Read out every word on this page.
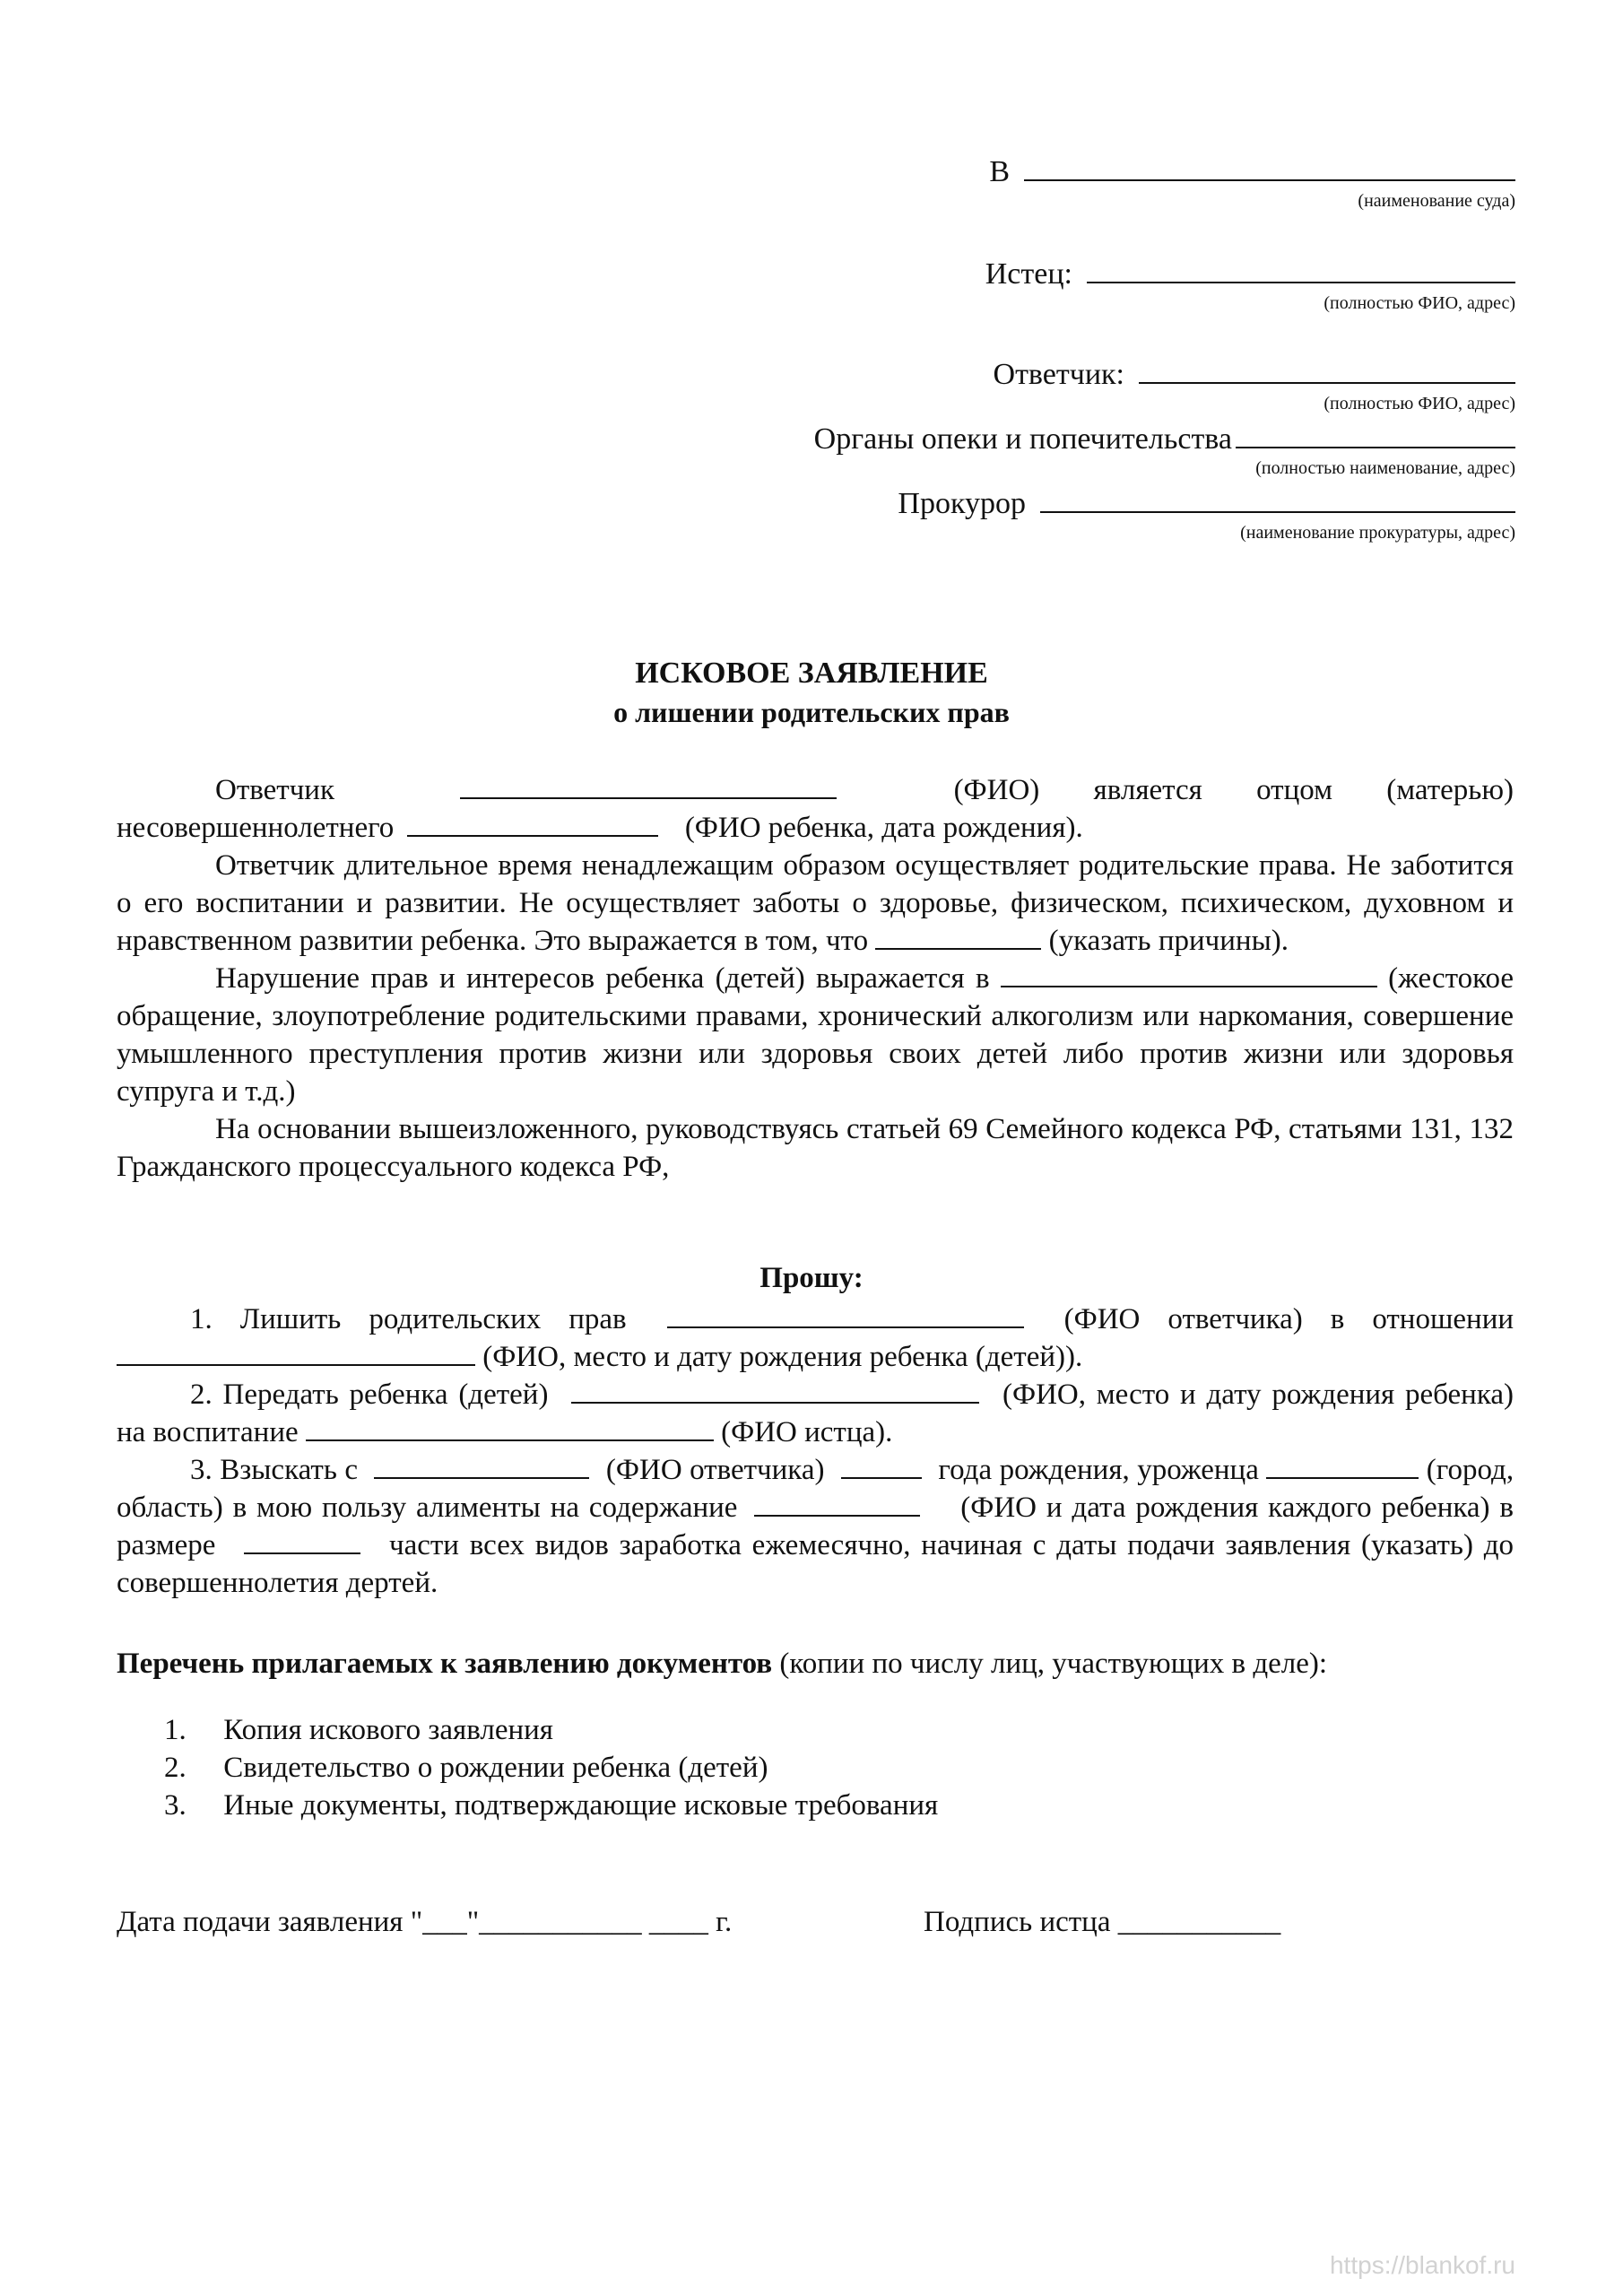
В
(наименование суда)
Истец:
(полностью ФИО, адрес)
Ответчик:
(полностью ФИО, адрес)
Органы опеки и попечительства
(полностью наименование, адрес)
Прокурор
(наименование прокуратуры, адрес)
ИСКОВОЕ ЗАЯВЛЕНИЕ
о лишении родительских прав

Ответчик	(ФИО) является отцом (матерью) несовершеннолетнего	(ФИО ребенка, дата рождения).

Ответчик длительное время ненадлежащим образом осуществляет родительские права. Не заботится о его воспитании и развитии. Не осуществляет заботы о здоровье, физическом, психическом, духовном и нравственном развитии ребенка. Это выражается в том, что	(указать причины).

Нарушение прав и интересов ребенка (детей) выражается в	(жестокое обращение, злоупотребление родительскими правами, хронический алкоголизм или наркомания, совершение умышленного преступления против жизни или здоровья своих детей либо против жизни или здоровья супруга и т.д.)

На основании вышеизложенного, руководствуясь статьей 69 Семейного кодекса РФ, статьями 131, 132 Гражданского процессуального кодекса РФ,

Прошу:

1. Лишить родительских прав	(ФИО ответчика) в отношении  (ФИО, место и дату рождения ребенка (детей)).

2. Передать ребенка (детей)	(ФИО, место и дату рождения ребенка) на воспитание	(ФИО истца).

3. Взыскать с	(ФИО ответчика)	года рождения, уроженца	(город, область) в мою пользу алименты на содержание	(ФИО и дата рождения каждого ребенка) в размере	части всех видов заработка ежемесячно, начиная с даты подачи заявления (указать) до совершеннолетия дертей.

Перечень прилагаемых к заявлению документов (копии по числу лиц, участвующих в деле):
1. Копия искового заявления
2. Свидетельство о рождении ребенка (детей)
3. Иные документы, подтверждающие исковые требования
Дата подачи заявления "___"___________ ____ г.	Подпись истца ___________
https://blankof.ru
